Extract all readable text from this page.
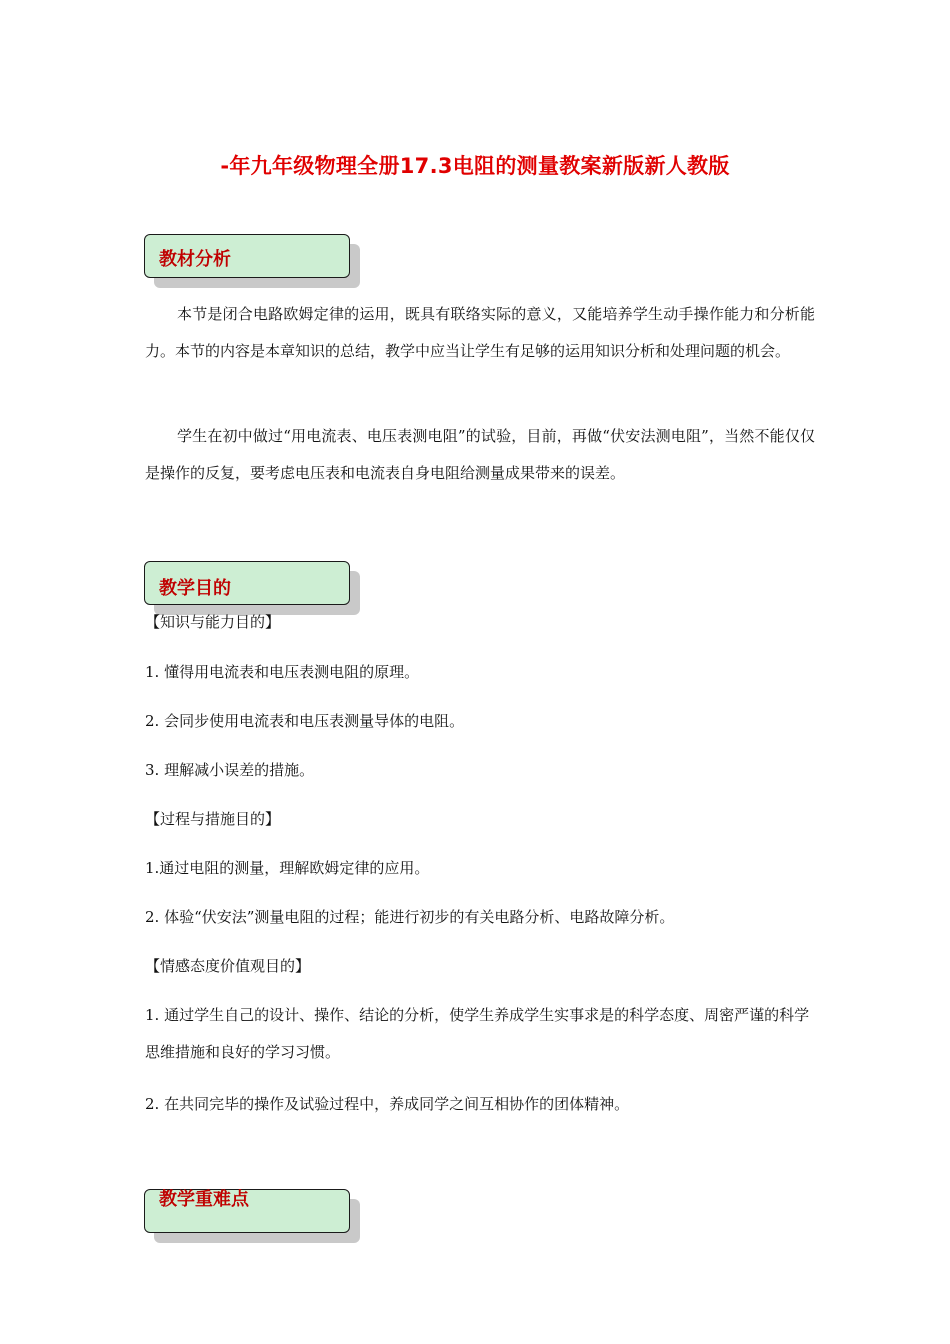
-年九年级物理全册17.3电阻的测量教案新版新人教版
教材分析

本节是闭合电路欧姆定律的运用，既具有联络实际的意义，又能培养学生动手操作能力和分析能力。本节的内容是本章知识的总结，教学中应当让学生有足够的运用知识分析和处理问题的机会。

学生在初中做过“用电流表、电压表测电阻”的试验，目前，再做“伏安法测电阻”，当然不能仅仅是操作的反复，要考虑电压表和电流表自身电阻给测量成果带来的误差。

教学目的
【知识与能力目的】
1. 懂得用电流表和电压表测电阻的原理。
2. 会同步使用电流表和电压表测量导体的电阻。
3. 理解减小误差的措施。
【过程与措施目的】
1.通过电阻的测量，理解欧姆定律的应用。
2. 体验“伏安法”测量电阻的过程；能进行初步的有关电路分析、电路故障分析。
【情感态度价值观目的】
1. 通过学生自己的设计、操作、结论的分析，使学生养成学生实事求是的科学态度、周密严谨的科学思维措施和良好的学习习惯。
2. 在共同完毕的操作及试验过程中，养成同学之间互相协作的团体精神。
教学重难点
